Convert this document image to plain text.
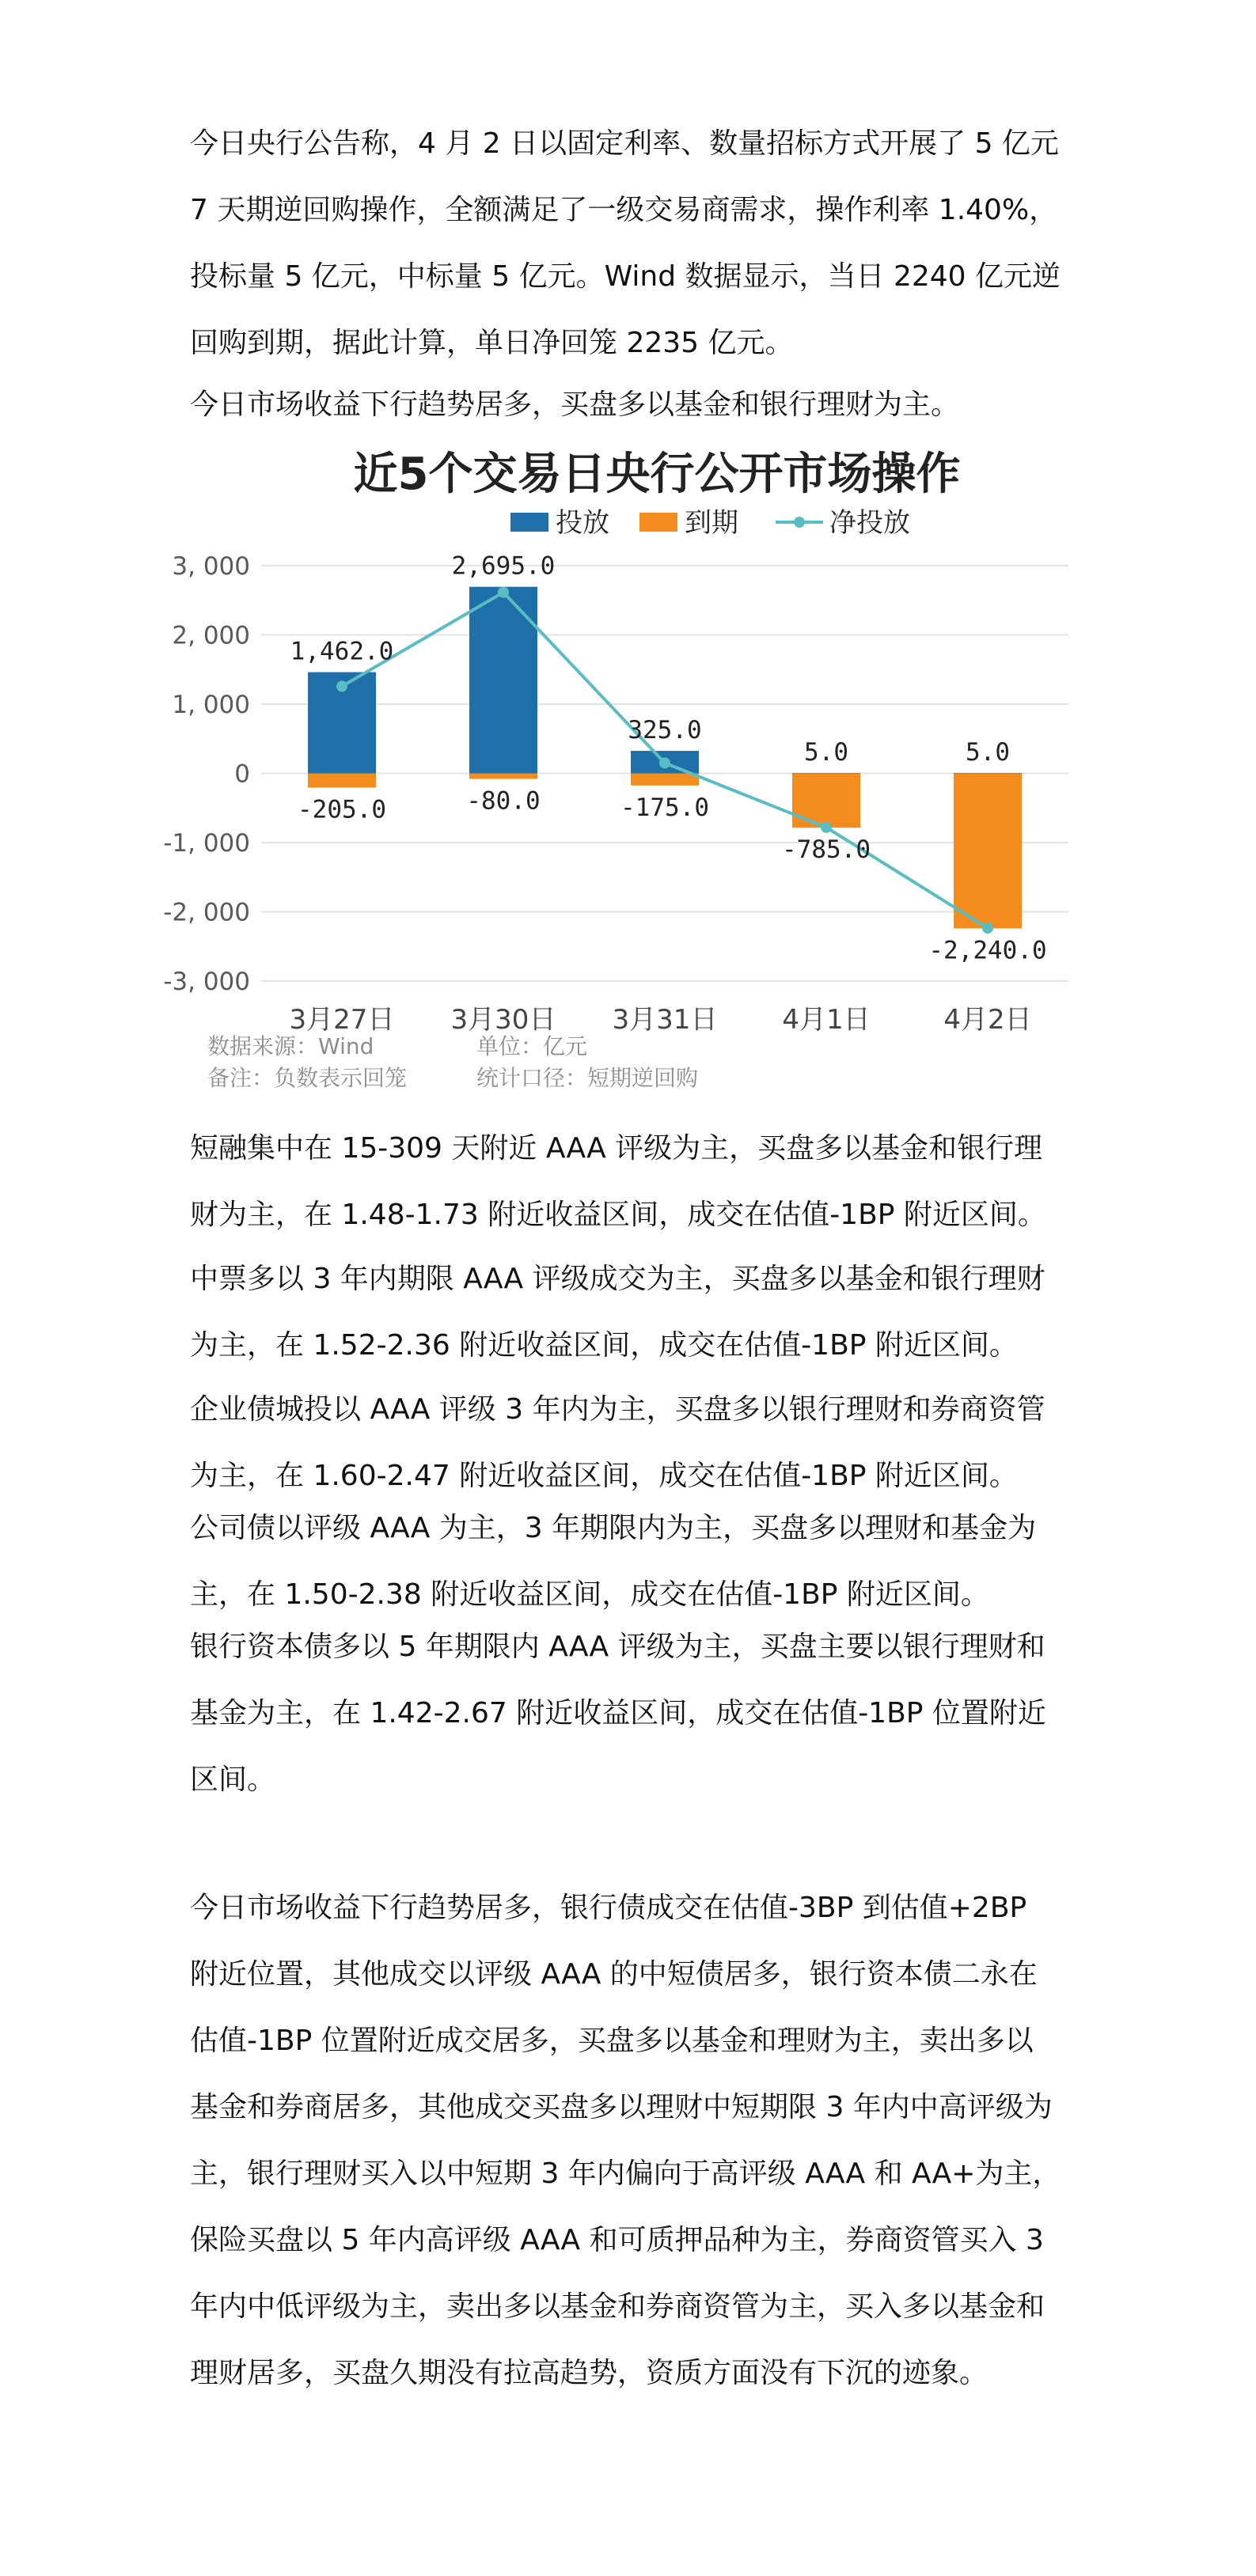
今日央行公告称，4 月 2 日以固定利率、数量招标方式开展了 5 亿元

7 天期逆回购操作，全额满足了一级交易商需求，操作利率 1.40%，

投标量 5 亿元，中标量 5 亿元。Wind 数据显示，当日 2240 亿元逆

回购到期，据此计算，单日净回笼 2235 亿元。

今日市场收益下行趋势居多，买盘多以基金和银行理财为主。

近5个交易日央行公开市场操作
投放	到期	净投放
3, 000
2, 000
1, 000
0
-1, 000
-2, 000
-3, 000
1,462.0
2,695.0
325.0
5.0	5.0
-205.0	-80.0	-175.0
-785.0
-2,240.0
3月27日 3月30日 3月31日 4月1日	4月2日
数据来源：Wind	单位：亿元
备注：负数表示回笼	统计口径：短期逆回购

短融集中在 15-309 天附近 AAA 评级为主，买盘多以基金和银行理

财为主，在 1.48-1.73 附近收益区间，成交在估值-1BP 附近区间。

中票多以 3 年内期限 AAA 评级成交为主，买盘多以基金和银行理财

为主，在 1.52-2.36 附近收益区间，成交在估值-1BP 附近区间。

企业债城投以 AAA 评级 3 年内为主，买盘多以银行理财和券商资管

为主，在 1.60-2.47 附近收益区间，成交在估值-1BP 附近区间。

公司债以评级 AAA 为主，3 年期限内为主，买盘多以理财和基金为

主，在 1.50-2.38 附近收益区间，成交在估值-1BP 附近区间。

银行资本债多以 5 年期限内 AAA 评级为主，买盘主要以银行理财和

基金为主，在 1.42-2.67 附近收益区间，成交在估值-1BP 位置附近

区间。

今日市场收益下行趋势居多，银行债成交在估值-3BP 到估值+2BP

附近位置，其他成交以评级 AAA 的中短债居多，银行资本债二永在

估值-1BP 位置附近成交居多，买盘多以基金和理财为主，卖出多以

基金和券商居多，其他成交买盘多以理财中短期限 3 年内中高评级为

主，银行理财买入以中短期 3 年内偏向于高评级 AAA 和 AA+为主，

保险买盘以 5 年内高评级 AAA 和可质押品种为主，券商资管买入 3

年内中低评级为主，卖出多以基金和券商资管为主，买入多以基金和

理财居多，买盘久期没有拉高趋势，资质方面没有下沉的迹象。
